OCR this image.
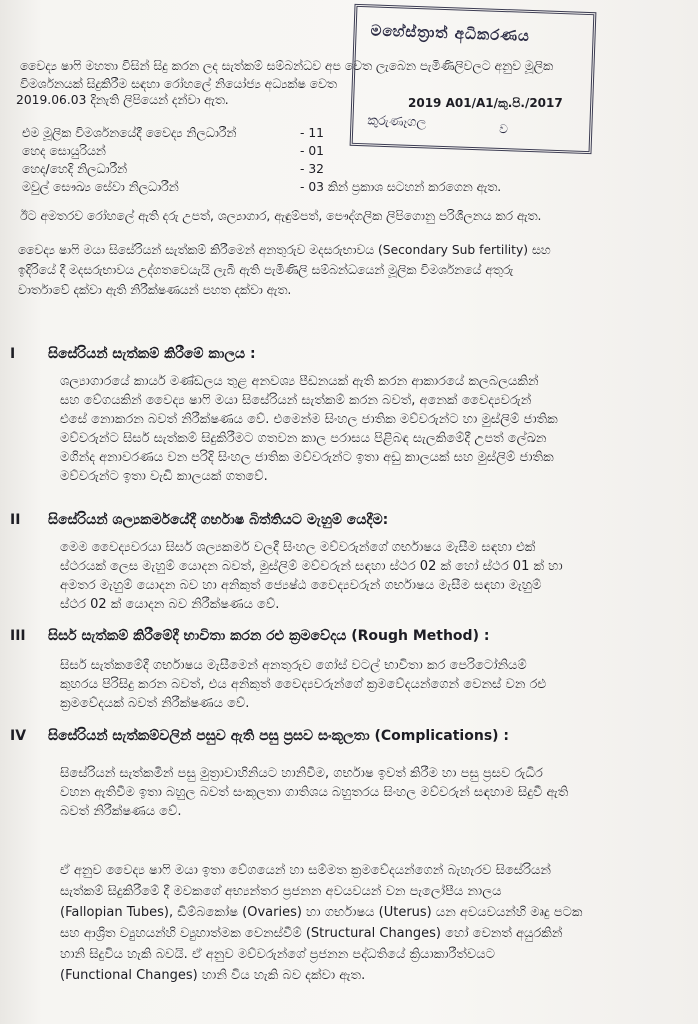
මහේස්ත්‍රාත් අධිකරණය
කුරුණෑගල	ව
2019 A01/A1/කු.පි./2017
වෛද්‍ය ෂාෆි මහතා විසින් සිදු කරන ලද සැත්කම් සම්බන්ධව අප වෙත ලැබෙන පැමිණිලිවලට අනුව මූලික
විමර්ශනයක් සිදුකිරීම සඳහා රෝහලේ නියෝජ්‍ය අධ්‍යක්ෂ වෙත
2019.06.03 දිනැති ලිපියෙන් දන්වා ඇත.
එම මූලික විමර්ශනයේදී වෛද්‍ය නිලධාරීන්	- 11
හෙද සොයුරියන්	- 01
හෙද/හෙදි නිලධාරීන්	- 32
මවුල් සෞඛ්‍ය සේවා නිලධාරීන්	- 03 කින් ප්‍රකාශ සටහන් කරගෙන ඇත.
ඊට අමතරව රෝහලේ ඇති දරු උපත්, ශල්‍යාගාර, ඇඳුම්පත්, පෞද්ගලික ලිපිගොනු පරිශීලනය කර ඇත.
වෛද්‍ය ෂාෆි මයා සිසේරියන් සැත්කම් කිරීමෙන් අනතුරුව මදසරුභාවය (Secondary Sub fertility) සහ
ඉදිරියේ දී මදසරුභාවය උද්ගතවෙයැයි ලැබී ඇති පැමිණිලි සම්බන්ධයෙන් මූලික විමර්ශනයේ අතුරු
වාර්තාවේ දක්වා ඇති නිරීක්ෂණයන් පහත දක්වා ඇත.
I සිසේරියන් සැත්කම් කිරීමේ කාලය :

ශල්‍යාගාරයේ කාර්ය මණ්ඩලය තුළ අනවශ්‍ය පීඩනයක් ඇති කරන ආකාරයේ කලබලයකින්

සහ වේගයකින් වෛද්‍ය ෂාෆි මයා සිසේරියන් සැත්කම් කරන බවත්, අනෙක් වෛද්‍යවරුන්

එසේ නොකරන බවත් නිරීක්ෂණය වේ. එමෙන්ම සිංහල ජාතික මව්වරුන්ට හා මුස්ලිම් ජාතික

මව්වරුන්ට සිසර් සැත්කම් සිදුකිරීමට ගතවන කාල පරාසය පිළිබඳ සැලකිමේදී උපත් ලේඛන

මගින්ද අනාවරණය වන පරිදි සිංහල ජාතික මව්වරුන්ට ඉතා අඩු කාලයක් සහ මුස්ලිම් ජාතික

මව්වරුන්ට ඉතා වැඩි කාලයක් ගතවේ.

II සිසේරියන් ශල්‍යකර්මයේදී ගර්භාෂ බිත්තියට මැහුම් යෙදීම:

මෙම වෛද්‍යවරයා සිසර් ශල්‍යකර්ම වලදී සිංහල මව්වරුන්ගේ ගර්භාෂය මැසීම සඳහා එක්

ස්ථරයක් ලෙස මැහුම් යොදන බවත්, මුස්ලිම් මව්වරුන් සඳහා ස්ථර 02 ක් හෝ ස්ථර 01 ක් හා

අමතර මැහුම් යොදන බව හා අනිකුත් ජ්‍යෙෂ්ඨ වෛද්‍යවරුන් ගර්භාෂය මැසීම සඳහා මැහුම්

ස්ථර 02 ක් යොදන බව නිරීක්ෂණය වේ.

III සිසර් සැත්කම් කිරීමේදී භාවිතා කරන රළු ක්‍රමවේදය (Rough Method) :

සිසර් සැත්කමේදී ගර්භාෂය මැසීමෙන් අනතුරුව ගෝස් වටල් භාවිතා කර පෙරිටෝනියම්

කුහරය පිරිසිදු කරන බවත්, එය අනිකුත් වෛද්‍යවරුන්ගේ ක්‍රමවේදයන්ගෙන් වෙනස් වන රළු

ක්‍රමවේදයක් බවත් නිරීක්ෂණය වේ.

IV සිසේරියන් සැත්කම්වලින් පසුව ඇති පසු ප්‍රසව සංකූලතා (Complications) :

සිසේරියන් සැත්කමින් පසු මුත්‍රාවාහිනියට හානිවීම, ගර්භාෂ ඉවත් කිරීම හා පසු ප්‍රසව රුධිර

වහන ඇතිවීම ඉතා බහුල බවත් සංකූලතා ගාතිශය බහුතරය සිංහල මව්වරුන් සඳහාම සිදුවී ඇති

බවත් නිරීක්ෂණය වේ.

ඒ අනුව වෛද්‍ය ෂාෆි මයා ඉතා වේගයෙන් හා සම්මත ක්‍රමවේදයන්ගෙන් බැහැරව සිසේරියන්

සැත්කම් සිදුකිරීමේ දී මවකගේ අභ්‍යන්තර ප්‍රජනන අවයවයන් වන පැලෝපීය නාලය

(Fallopian Tubes), ඩිම්බකෝෂ (Ovaries) හා ගර්භාෂය (Uterus) යන අවයවයන්හි මෘදු පටක

සහ ආශ්‍රිත ව්‍යුහයන්හි ව්‍යුහාත්මක වෙනස්වීම් (Structural Changes) හෝ වෙනත් අයුරකින්

හානි සිදුවිය හැකි බවයි. ඒ අනුව මව්වරුන්ගේ ප්‍රජනන පද්ධතියේ ක්‍රියාකාරීත්වයට

(Functional Changes) හානි විය හැකි බව දක්වා ඇත.
